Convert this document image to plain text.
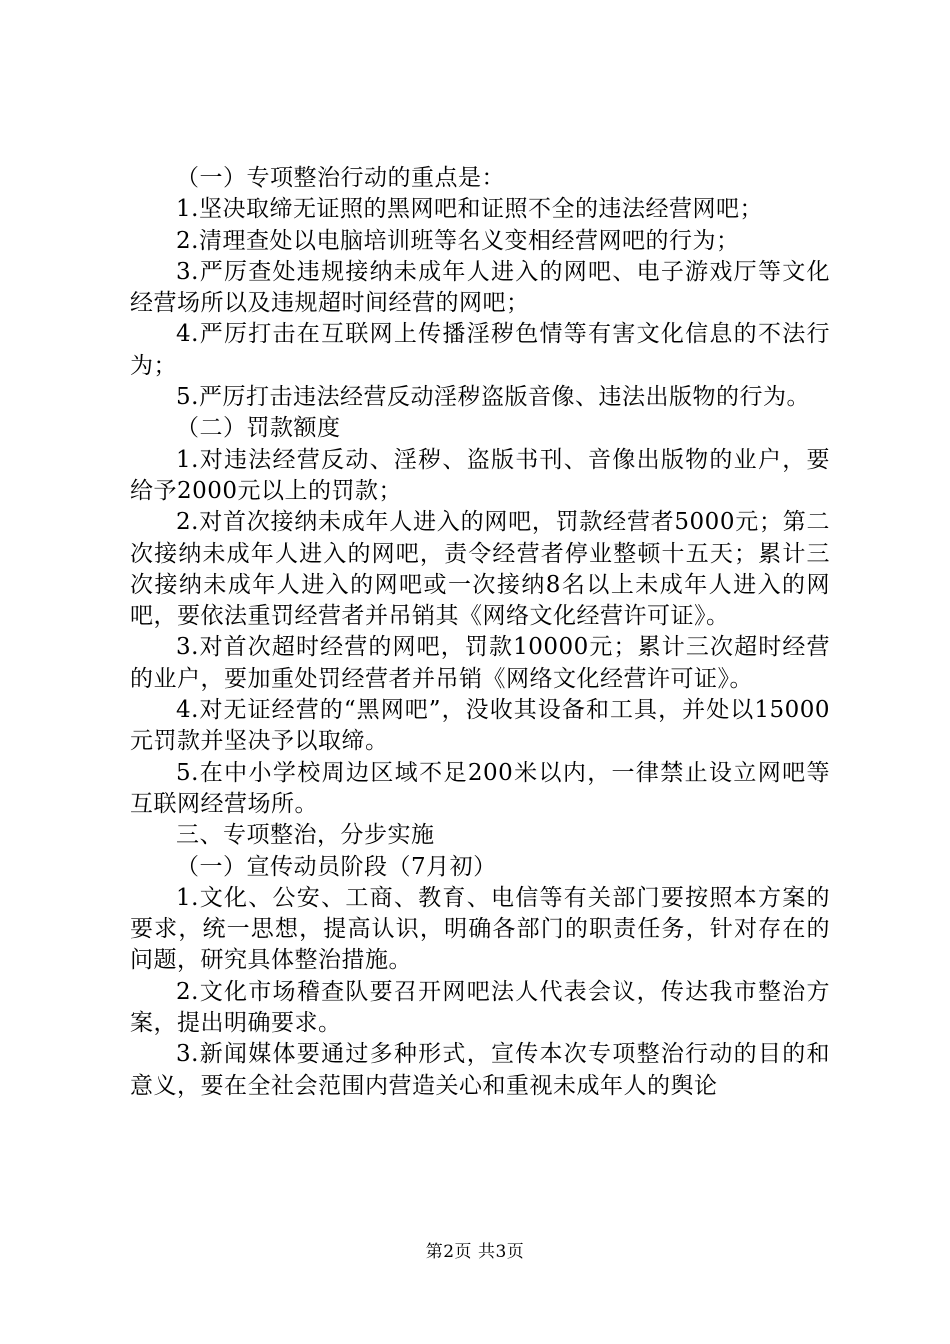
（一）专项整治行动的重点是：

1.坚决取缔无证照的黑网吧和证照不全的违法经营网吧；

2.清理查处以电脑培训班等名义变相经营网吧的行为；

3.严厉查处违规接纳未成年人进入的网吧、电子游戏厅等文化经营场所以及违规超时间经营的网吧；

4.严厉打击在互联网上传播淫秽色情等有害文化信息的不法行为；

5.严厉打击违法经营反动淫秽盗版音像、违法出版物的行为。

（二）罚款额度

1.对违法经营反动、淫秽、盗版书刊、音像出版物的业户，要给予2000元以上的罚款；

2.对首次接纳未成年人进入的网吧，罚款经营者5000元；第二次接纳未成年人进入的网吧，责令经营者停业整顿十五天；累计三次接纳未成年人进入的网吧或一次接纳8名以上未成年人进入的网吧，要依法重罚经营者并吊销其《网络文化经营许可证》。

3.对首次超时经营的网吧，罚款10000元；累计三次超时经营的业户，要加重处罚经营者并吊销《网络文化经营许可证》。

4.对无证经营的“黑网吧”，没收其设备和工具，并处以15000元罚款并坚决予以取缔。

5.在中小学校周边区域不足200米以内，一律禁止设立网吧等互联网经营场所。

三、专项整治，分步实施

（一）宣传动员阶段（7月初）

1.文化、公安、工商、教育、电信等有关部门要按照本方案的要求，统一思想，提高认识，明确各部门的职责任务，针对存在的问题，研究具体整治措施。

2.文化市场稽查队要召开网吧法人代表会议，传达我市整治方案，提出明确要求。

3.新闻媒体要通过多种形式，宣传本次专项整治行动的目的和意义，要在全社会范围内营造关心和重视未成年人的舆论

第2页 共3页
